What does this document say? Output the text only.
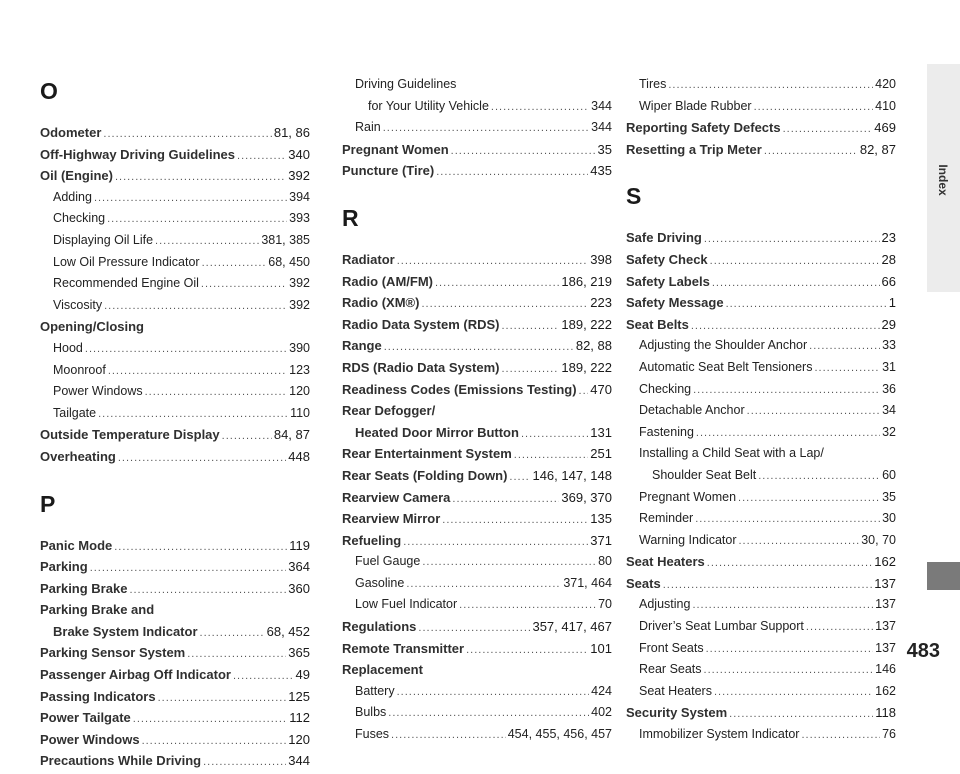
O
Odometer .....	81, 86
Off-Highway Driving Guidelines .....	340
Oil (Engine) .....	392
Adding .....	394
Checking .....	393
Displaying Oil Life .....	381, 385
Low Oil Pressure Indicator .....	68, 450
Recommended Engine Oil .....	392
Viscosity .....	392
Opening/Closing
Hood .....	390
Moonroof .....	123
Power Windows .....	120
Tailgate .....	110
Outside Temperature Display .....	84, 87
Overheating .....	448
P
Panic Mode .....	119
Parking .....	364
Parking Brake .....	360
Parking Brake and
Brake System Indicator .....	68, 452
Parking Sensor System .....	365
Passenger Airbag Off Indicator .....	49
Passing Indicators .....	125
Power Tailgate .....	112
Power Windows .....	120
Precautions While Driving .....	344
Driving Guidelines
for Your Utility Vehicle .....	344
Rain .....	344
Pregnant Women .....	35
Puncture (Tire) .....	435
R
Radiator .....	398
Radio (AM/FM) .....	186, 219
Radio (XM®) .....	223
Radio Data System (RDS) .....	189, 222
Range .....	82, 88
RDS (Radio Data System) .....	189, 222
Readiness Codes (Emissions Testing) ..... 470
Rear Defogger/
Heated Door Mirror Button .....	131
Rear Entertainment System .....	251
Rear Seats (Folding Down) ..... 146, 147, 148
Rearview Camera .....	369, 370
Rearview Mirror .....	135
Refueling .....	371
Fuel Gauge .....	80
Gasoline .....	371, 464
Low Fuel Indicator .....	70
Regulations .....	357, 417, 467
Remote Transmitter .....	101
Replacement
Battery .....	424
Bulbs .....	402
Fuses .....	454, 455, 456, 457
Tires .....	420
Wiper Blade Rubber .....	410
Reporting Safety Defects .....	469
Resetting a Trip Meter .....	82, 87
S
Safe Driving .....	23
Safety Check .....	28
Safety Labels .....	66
Safety Message .....	1
Seat Belts .....	29
Adjusting the Shoulder Anchor .....	33
Automatic Seat Belt Tensioners .....	31
Checking .....	36
Detachable Anchor .....	34
Fastening .....	32
Installing a Child Seat with a Lap/
Shoulder Seat Belt .....	60
Pregnant Women .....	35
Reminder .....	30
Warning Indicator .....	30, 70
Seat Heaters .....	162
Seats .....	137
Adjusting .....	137
Driver’s Seat Lumbar Support .....	137
Front Seats .....	137
Rear Seats .....	146
Seat Heaters .....	162
Security System .....	118
Immobilizer System Indicator .....	76
Index
483
